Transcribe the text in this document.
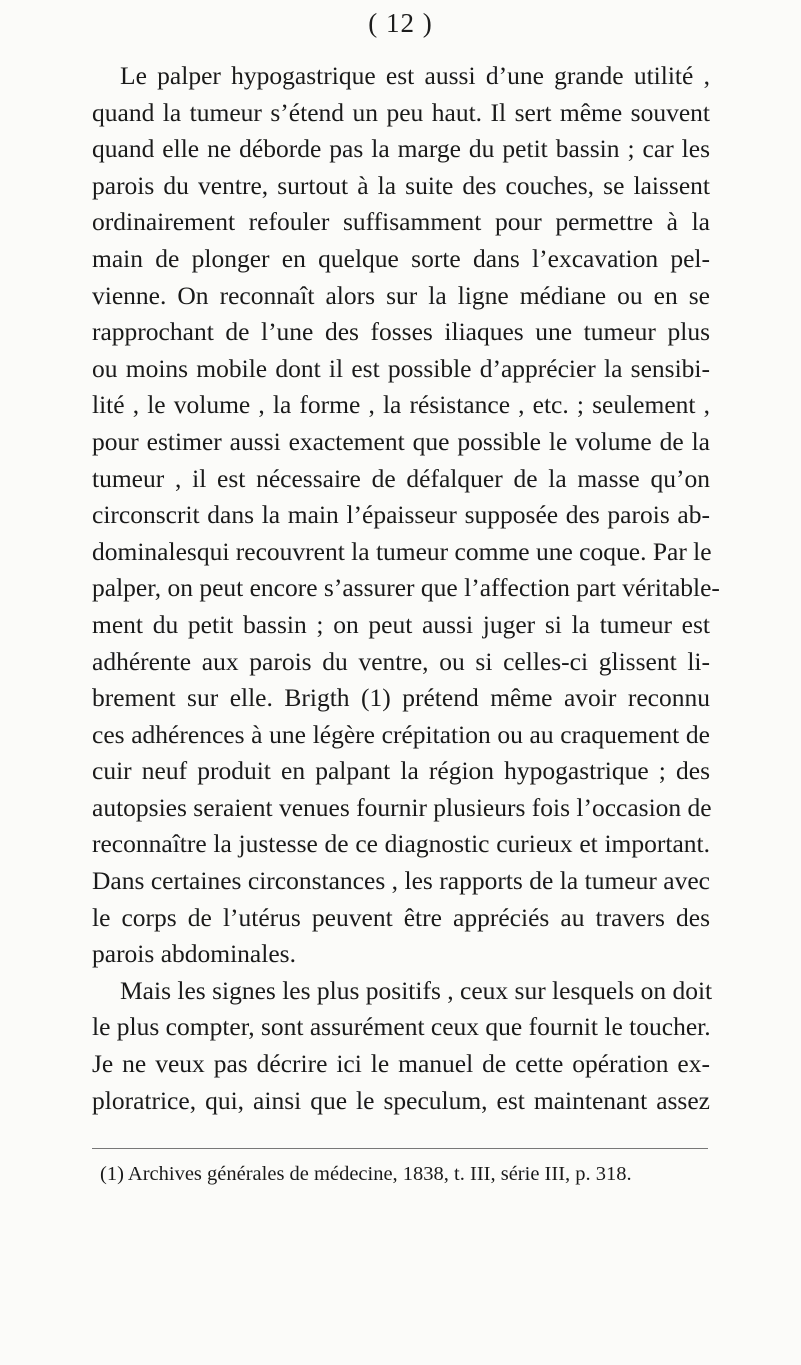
( 12 )
Le palper hypogastrique est aussi d’une grande utilité ,
quand la tumeur s’étend un peu haut. Il sert même souvent
quand elle ne déborde pas la marge du petit bassin ; car les
parois du ventre, surtout à la suite des couches, se laissent
ordinairement refouler suffisamment pour permettre à la
main de plonger en quelque sorte dans l’excavation pel-
vienne. On reconnaît alors sur la ligne médiane ou en se
rapprochant de l’une des fosses iliaques une tumeur plus
ou moins mobile dont il est possible d’apprécier la sensibi-
lité , le volume , la forme , la résistance , etc. ; seulement ,
pour estimer aussi exactement que possible le volume de la
tumeur , il est nécessaire de défalquer de la masse qu’on
circonscrit dans la main l’épaisseur supposée des parois ab-
dominalesqui recouvrent la tumeur comme une coque. Par le
palper, on peut encore s’assurer que l’affection part véritable-
ment du petit bassin ; on peut aussi juger si la tumeur est
adhérente aux parois du ventre, ou si celles-ci glissent li-
brement sur elle. Brigth (1) prétend même avoir reconnu
ces adhérences à une légère crépitation ou au craquement de
cuir neuf produit en palpant la région hypogastrique ; des
autopsies seraient venues fournir plusieurs fois l’occasion de
reconnaître la justesse de ce diagnostic curieux et important.
Dans certaines circonstances , les rapports de la tumeur avec
le corps de l’utérus peuvent être appréciés au travers des
parois abdominales.
Mais les signes les plus positifs , ceux sur lesquels on doit
le plus compter, sont assurément ceux que fournit le toucher.
Je ne veux pas décrire ici le manuel de cette opération ex-
ploratrice, qui, ainsi que le speculum, est maintenant assez
(1) Archives générales de médecine, 1838, t. III, série III, p. 318.
